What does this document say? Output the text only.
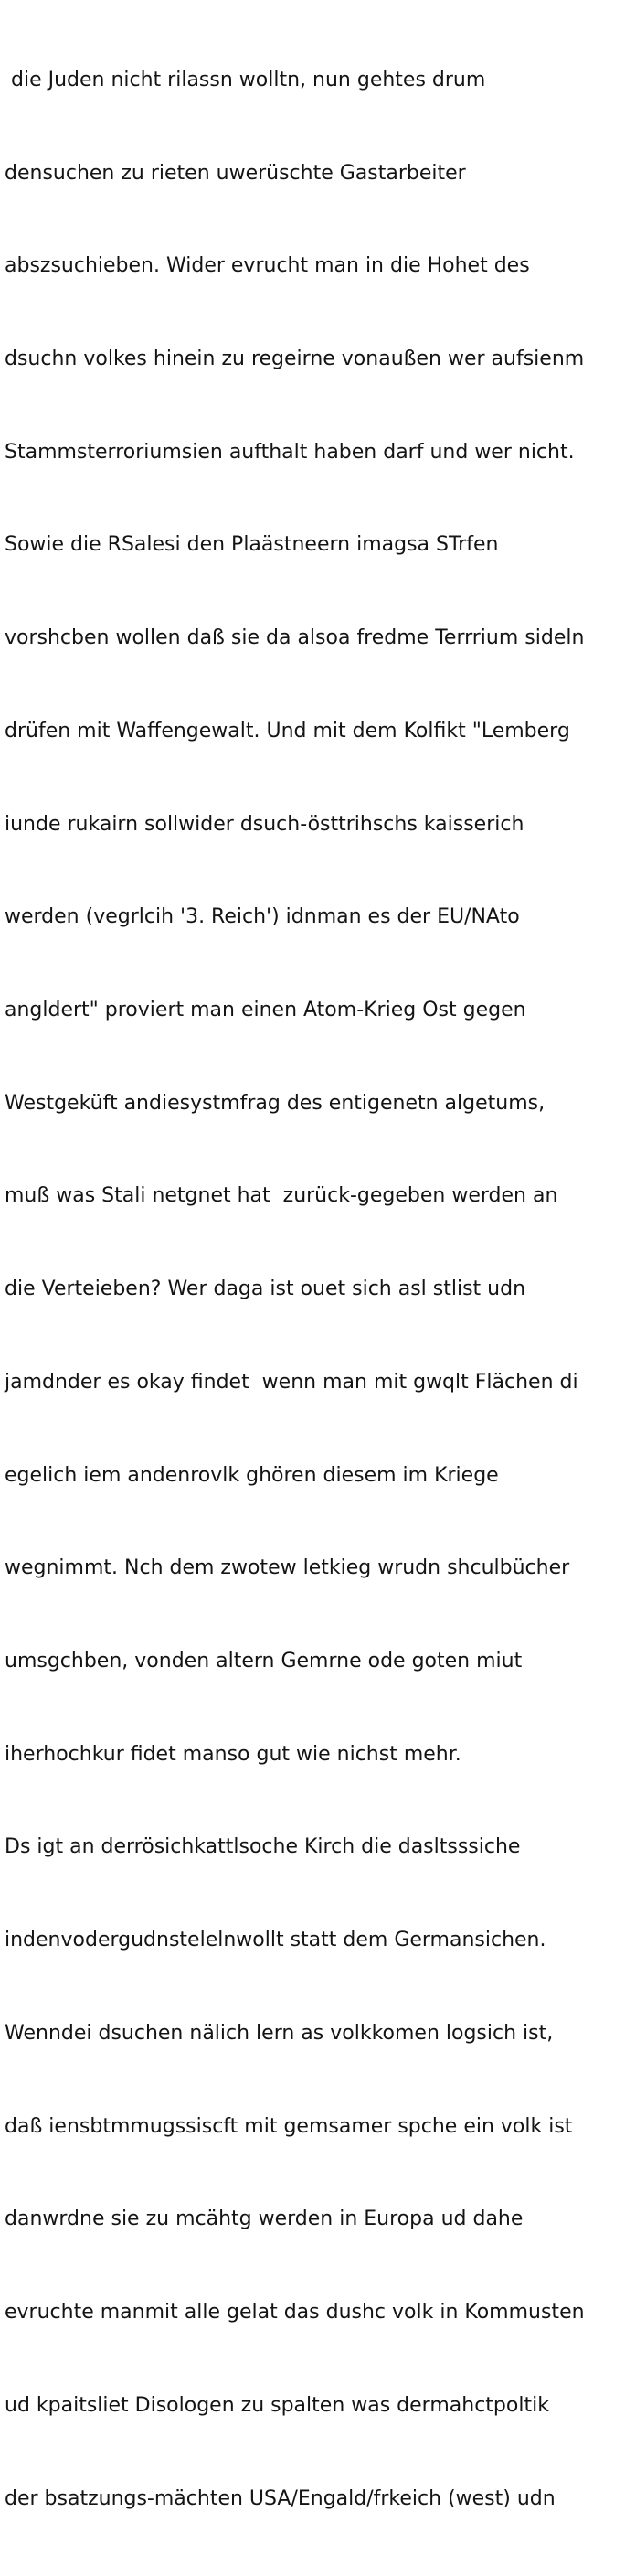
die Juden nicht rilassn wolltn, nun gehtes drum

densuchen zu rieten uwerüschte Gastarbeiter

abszsuchieben. Wider evrucht man in die Hohet des

dsuchn volkes hinein zu regeirne vonaußen wer aufsienm

Stammsterroriumsien aufthalt haben darf und wer nicht.

Sowie die RSalesi den Plaästneern imagsa STrfen

vorshcben wollen daß sie da alsoa fredme Terrrium sideln

drüfen mit Waffengewalt. Und mit dem Kolfikt "Lemberg

iunde rukairn sollwider dsuch-östtrihschs kaisserich

werden (vegrlcih '3. Reich') idnman es der EU/NAto

angldert" proviert man einen Atom-Krieg Ost gegen

Westgeküft andiesystmfrag des entigenetn algetums,

muß was Stali netgnet hat  zurück-gegeben werden an

die Verteieben? Wer daga ist ouet sich asl stlist udn

jamdnder es okay findet  wenn man mit gwqlt Flächen di

egelich iem andenrovlk ghören diesem im Kriege

wegnimmt. Nch dem zwotew letkieg wrudn shculbücher

umsgchben, vonden altern Gemrne ode goten miut

iherhochkur fidet manso gut wie nichst mehr.

Ds igt an derrösichkattlsoche Kirch die dasltsssiche

indenvodergudnstelelnwollt statt dem Germansichen.

Wenndei dsuchen nälich lern as volkkomen logsich ist,

daß iensbtmmugssiscft mit gemsamer spche ein volk ist

danwrdne sie zu mcähtg werden in Europa ud dahe

evruchte manmit alle gelat das dushc volk in Kommusten

ud kpaitsliet Disologen zu spalten was dermahctpoltik

der bsatzungs-mächten USA/Engald/frkeich (west) udn
